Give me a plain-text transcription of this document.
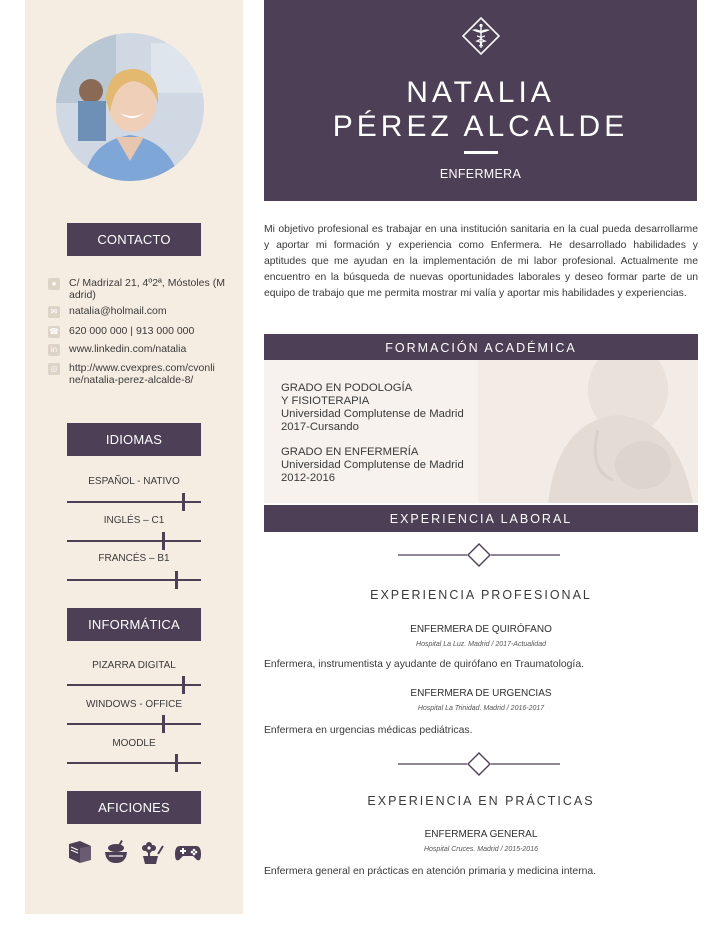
CONTACTO
●	C/ Madrizal 21, 4º2ª, Móstoles (Madrid)
✉ natalia@holmail.com
☎ 620 000 000 | 913 000 000
in www.linkedin.com/natalia
◎ http://www.cvexpres.com/cvonline/natalia-perez-alcalde-8/
IDIOMAS
ESPAÑOL - NATIVO
INGLÉS – C1
FRANCÉS – B1
INFORMÁTICA
PIZARRA DIGITAL
WINDOWS - OFFICE
MOODLE
AFICIONES
NATALIA
PÉREZ ALCALDE
ENFERMERA
Mi objetivo profesional es trabajar en una institución sanitaria en la cual pueda desarrollarme y aportar mi formación y experiencia como Enfermera. He desarrollado habilidades y aptitudes que me ayudan en la implementación de mi labor profesional. Actualmente me encuentro en la búsqueda de nuevas oportunidades laborales y deseo formar parte de un equipo de trabajo que me permita mostrar mi valía y aportar mis habilidades y experiencias.
FORMACIÓN ACADÉMICA
GRADO EN PODOLOGÍA
Y FISIOTERAPIA
Universidad Complutense de Madrid
2017-Cursando
GRADO EN ENFERMERÍA
Universidad Complutense de Madrid
2012-2016
EXPERIENCIA LABORAL
EXPERIENCIA PROFESIONAL
ENFERMERA DE QUIRÓFANO
Hospital La Luz. Madrid / 2017-Actualidad
Enfermera, instrumentista y ayudante de quirófano en Traumatología.
ENFERMERA DE URGENCIAS
Hospital La Trinidad. Madrid / 2016-2017
Enfermera en urgencias médicas pediátricas.
EXPERIENCIA EN PRÁCTICAS
ENFERMERA GENERAL
Hospital Cruces. Madrid / 2015-2016
Enfermera general en prácticas en atención primaria y medicina interna.
